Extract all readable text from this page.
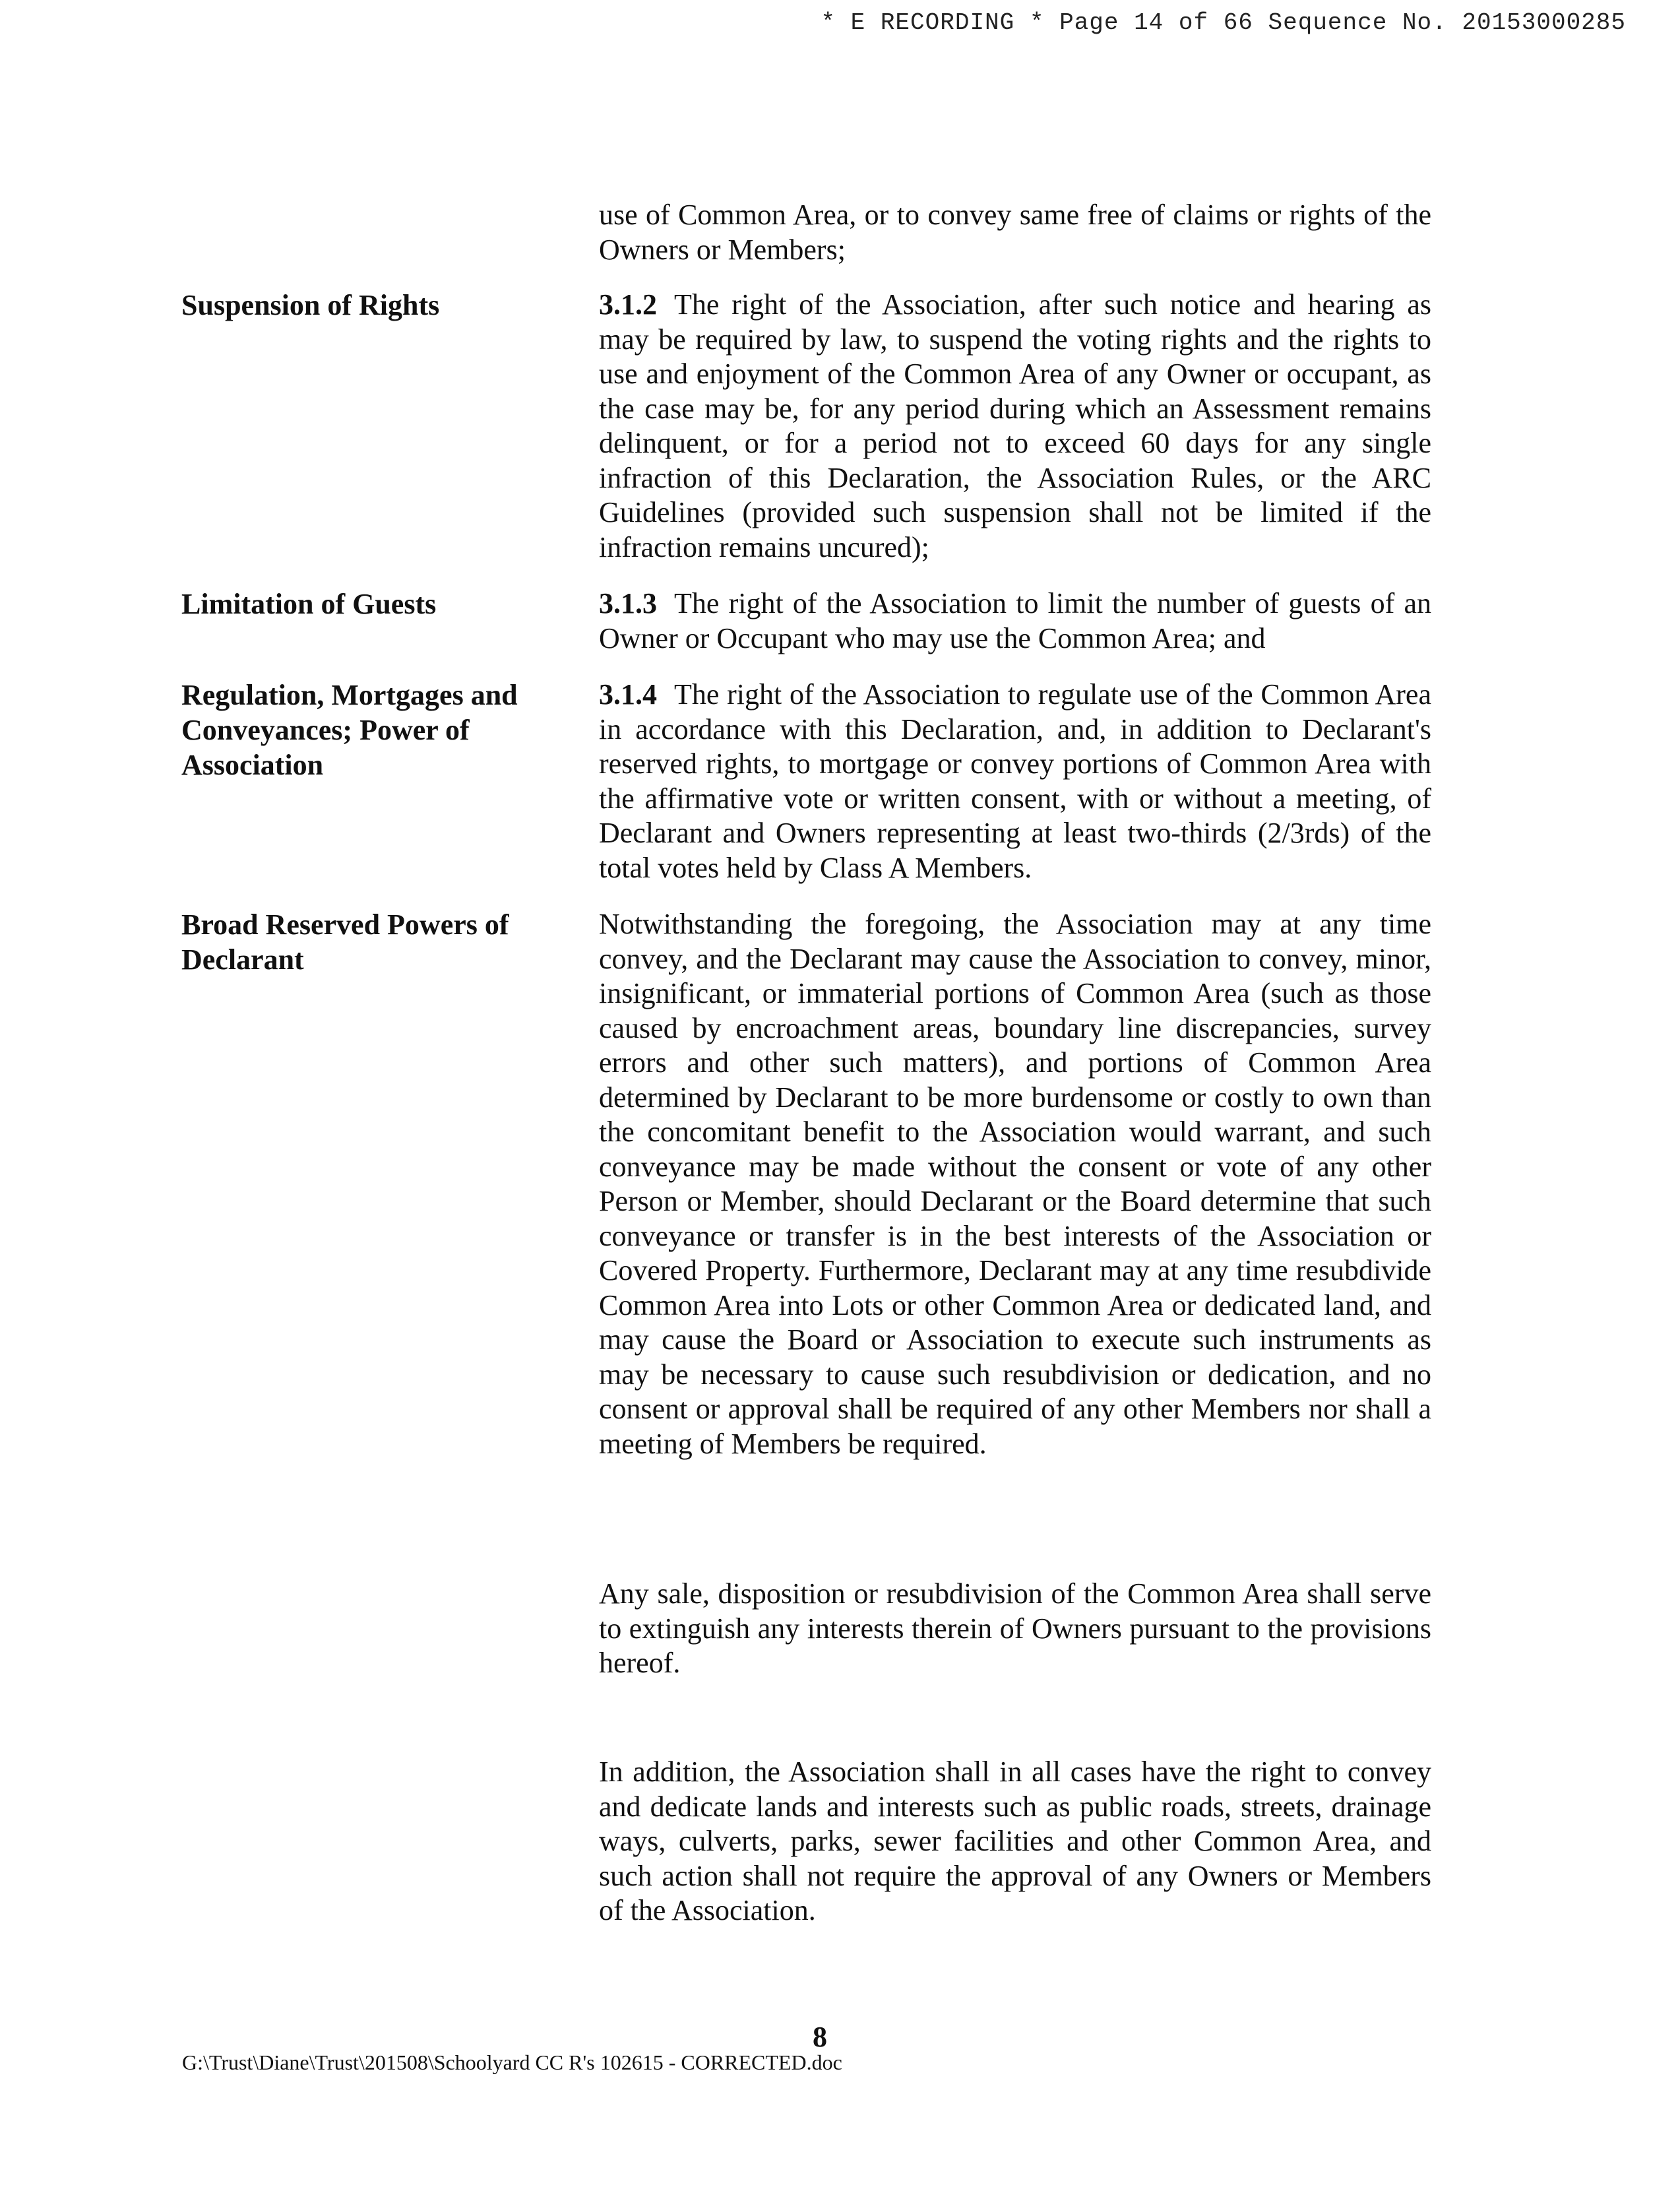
* E RECORDING * Page 14 of 66 Sequence No. 20153000285
use of Common Area, or to convey same free of claims or rights of the Owners or Members;
Suspension of Rights	3.1.2 The right of the Association, after such notice and hearing as may be required by law, to suspend the voting rights and the rights to use and enjoyment of the Common Area of any Owner or occupant, as the case may be, for any period during which an Assessment remains delinquent, or for a period not to exceed 60 days for any single infraction of this Declaration, the Association Rules, or the ARC Guidelines (provided such suspension shall not be limited if the infraction remains uncured);
Limitation of Guests	3.1.3 The right of the Association to limit the number of guests of an Owner or Occupant who may use the Common Area; and
Regulation, Mortgages and Conveyances; Power of Association
3.1.4 The right of the Association to regulate use of the Common Area in accordance with this Declaration, and, in addition to Declarant's reserved rights, to mortgage or convey portions of Common Area with the affirmative vote or written consent, with or without a meeting, of Declarant and Owners representing at least two-thirds (2/3rds) of the total votes held by Class A Members.
Broad Reserved Powers of Declarant
Notwithstanding the foregoing, the Association may at any time convey, and the Declarant may cause the Association to convey, minor, insignificant, or immaterial portions of Common Area (such as those caused by encroachment areas, boundary line discrepancies, survey errors and other such matters), and portions of Common Area determined by Declarant to be more burdensome or costly to own than the concomitant benefit to the Association would warrant, and such conveyance may be made without the consent or vote of any other Person or Member, should Declarant or the Board determine that such conveyance or transfer is in the best interests of the Association or Covered Property. Furthermore, Declarant may at any time resubdivide Common Area into Lots or other Common Area or dedicated land, and may cause the Board or Association to execute such instruments as may be necessary to cause such resubdivision or dedication, and no consent or approval shall be required of any other Members nor shall a meeting of Members be required.
Any sale, disposition or resubdivision of the Common Area shall serve to extinguish any interests therein of Owners pursuant to the provisions hereof.
In addition, the Association shall in all cases have the right to convey and dedicate lands and interests such as public roads, streets, drainage ways, culverts, parks, sewer facilities and other Common Area, and such action shall not require the approval of any Owners or Members of the Association.
8
G:\Trust\Diane\Trust\201508\Schoolyard CC R's 102615 - CORRECTED.doc
